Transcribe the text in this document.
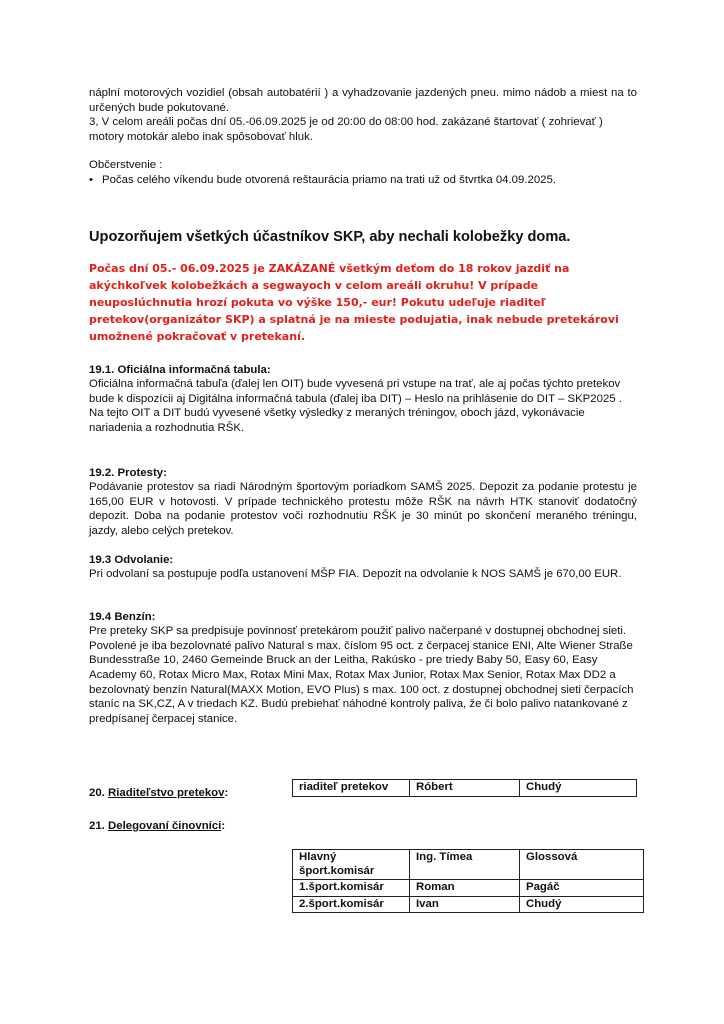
náplní motorových vozidiel (obsah autobatérií ) a vyhadzovanie jazdených pneu. mimo nádob a miest na to určených bude pokutované.

3, V celom areáli počas dní 05.-06.09.2025 je od 20:00 do 08:00 hod. zakázané štartovať ( zohrievať ) motory motokár alebo inak spôsobovať hluk.

Občerstvenie :

• Počas celého víkendu bude otvorená reštaurácia priamo na trati už od štvrtka 04.09.2025.

Upozorňujem všetkých účastníkov SKP, aby nechali kolobežky doma.

Počas dní 05.- 06.09.2025 je ZAKÁZANÉ všetkým deťom do 18 rokov jazdiť na akýchkoľvek kolobežkách a segwayoch v celom areáli okruhu! V prípade neuposlúchnutia hrozí pokuta vo výške 150,- eur! Pokutu udeľuje riaditeľ pretekov(organizátor SKP) a splatná je na mieste podujatia, inak nebude pretekárovi umožnené pokračovať v pretekaní.

19.1. Oficiálna informačná tabula:

Oficiálna informačná tabuľa (ďalej len OIT) bude vyvesená pri vstupe na trať, ale aj počas týchto pretekov bude k dispozícii aj Digitálna informačná tabula (ďalej iba DIT) – Heslo na prihlásenie do DIT – SKP2025 . Na tejto OIT a DIT budú vyvesené všetky výsledky z meraných tréningov, oboch jázd, vykonávacie nariadenia a rozhodnutia RŠK.

19.2. Protesty:

Podávanie protestov sa riadi Národným športovým poriadkom SAMŠ 2025. Depozit za podanie protestu je 165,00 EUR v hotovosti. V prípade technického protestu môže RŠK na návrh HTK stanoviť dodatočný depozit. Doba na podanie protestov voči rozhodnutiu RŠK je 30 minút po skončení meraného tréningu, jazdy, alebo celých pretekov.

19.3 Odvolanie:

Pri odvolaní sa postupuje podľa ustanovení MŠP FIA. Depozit na odvolanie k NOS SAMŠ je 670,00 EUR.

19.4 Benzín:

Pre preteky SKP sa predpisuje povinnosť pretekárom použiť palivo načerpané v dostupnej obchodnej sieti. Povolené je iba bezolovnaté palivo Natural s max. číslom 95 oct. z čerpacej stanice ENI, Alte Wiener Straße Bundesstraße 10, 2460 Gemeinde Bruck an der Leitha, Rakúsko - pre triedy Baby 50, Easy 60, Easy Academy 60, Rotax Micro Max, Rotax Mini Max, Rotax Max Junior, Rotax Max Senior, Rotax Max DD2 a bezolovnatý benzín Natural(MAXX Motion, EVO Plus) s max. 100 oct. z dostupnej obchodnej sieti čerpacích staníc na SK,CZ, A v triedach KZ. Budú prebiehať náhodné kontroly paliva, že či bolo palivo natankované z predpísanej čerpacej stanice.

20. Riaditeľstvo pretekov:	riaditeľ pretekov	Róbert	Chudý
21. Delegovaní činovníci:
Hlavný šport.komisár	Ing. Tímea	Glossová
1.šport.komisár	Roman	Pagáč
2.šport.komisár	Ivan	Chudý
